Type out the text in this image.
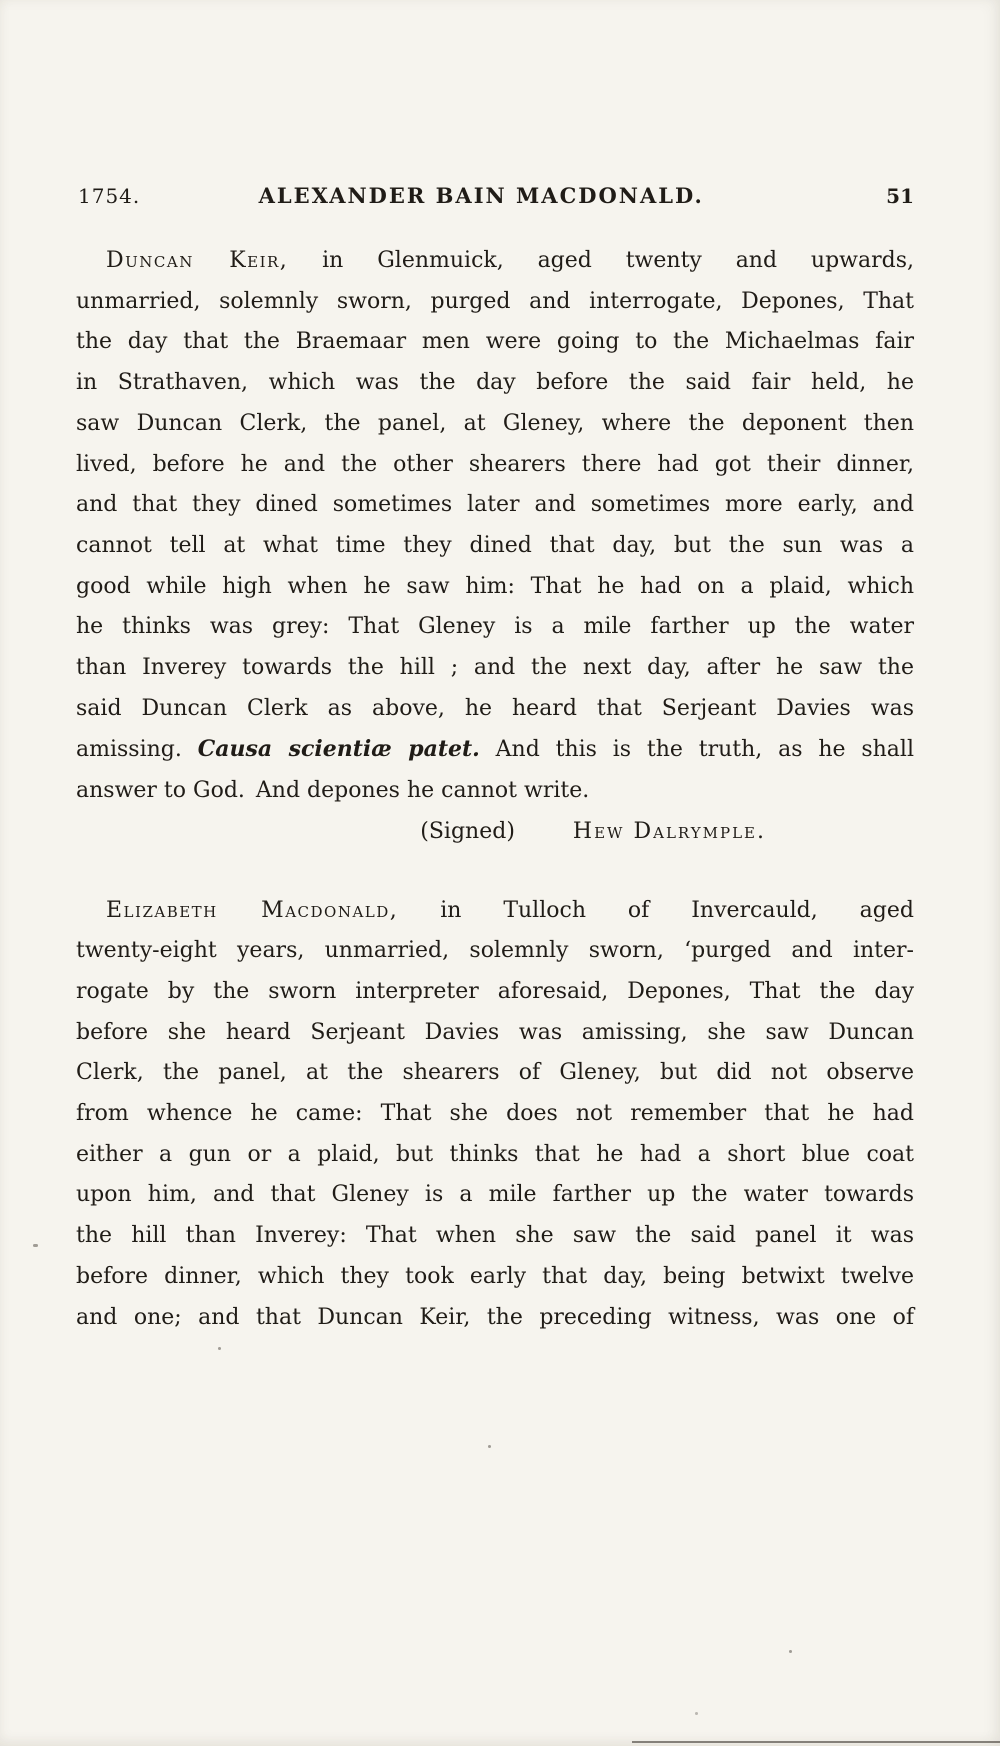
1754.	ALEXANDER BAIN MACDONALD.	51
Duncan Keir, in Glenmuick, aged twenty and upwards,
unmarried, solemnly sworn, purged and interrogate, Depones, That
the day that the Braemaar men were going to the Michaelmas fair
in Strathaven, which was the day before the said fair held, he
saw Duncan Clerk, the panel, at Gleney, where the deponent then
lived, before he and the other shearers there had got their dinner,
and that they dined sometimes later and sometimes more early, and
cannot tell at what time they dined that day, but the sun was a
good while high when he saw him: That he had on a plaid, which
he thinks was grey: That Gleney is a mile farther up the water
than Inverey towards the hill ; and the next day, after he saw the
said Duncan Clerk as above, he heard that Serjeant Davies was
amissing. Causa scientiæ patet. And this is the truth, as he shall
answer to God. And depones he cannot write.
(Signed)	Hew Dalrymple.
Elizabeth Macdonald, in Tulloch of Invercauld, aged
twenty-eight years, unmarried, solemnly sworn, ‘purged and inter-
rogate by the sworn interpreter aforesaid, Depones, That the day
before she heard Serjeant Davies was amissing, she saw Duncan
Clerk, the panel, at the shearers of Gleney, but did not observe
from whence he came: That she does not remember that he had
either a gun or a plaid, but thinks that he had a short blue coat
upon him, and that Gleney is a mile farther up the water towards
the hill than Inverey: That when she saw the said panel it was
before dinner, which they took early that day, being betwixt twelve
and one; and that Duncan Keir, the preceding witness, was one of
